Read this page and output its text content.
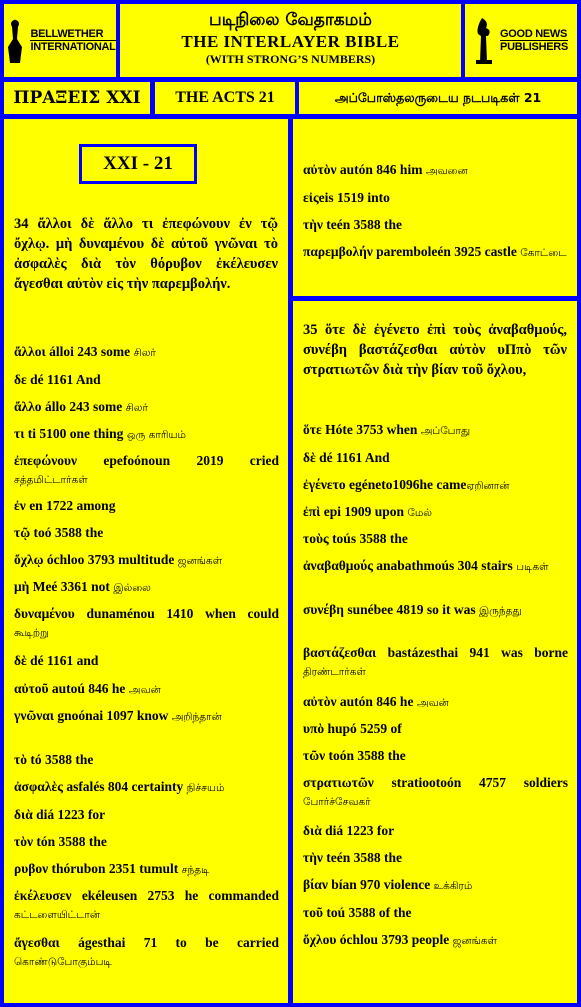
BELLWETHER
INTERNATIONAL
படிநிலை வேதாகமம்
THE INTERLAYER BIBLE
(WITH STRONG’S NUMBERS)
GOOD NEWS
PUBLISHERS
ΠΡΑΞΕΙΣ XXI THE ACTS 21	அப்போஸ்தலருடைய நடபடிகள் 21
XXI - 21
34 ἄλλοι δὲ ἄλλο τι ἐπεφώνουν ἐν τῷ ὄχλῳ. μὴ δυναμένου δὲ αὐτοῦ γνῶναι τὸ ἀσφαλὲς διὰ τὸν θόρυβον ἐκέλευσεν ἄγεσθαι αὐτὸν εἰς τὴν παρεμβολήν.
ἄλλοι álloi 243 some சிலர்
δε dé 1161 And
ἄλλο állo 243 some சிலர்
τι ti 5100 one thing ஒரு காரியம்
ἐπεφώνουν epefoónoun 2019 cried சத்தமிட்டார்கள்
ἐν en 1722 among
τῷ toó 3588 the
ὄχλῳ óchloo 3793 multitude ஜனங்கள்
μὴ Meé 3361 not இல்லை
δυναμένου dunaménou 1410 when could கூடிற்று
δὲ dé 1161 and
αὐτοῦ autoú 846 he அவன்
γνῶναι gnoónai 1097 know அறிந்தான்
τὸ tó 3588 the
ἀσφαλὲς asfalés 804 certainty நிச்சயம்
διὰ diá 1223 for
τὸν tón 3588 the
ρυβον thórubon 2351 tumult சந்தடி
ἐκέλευσεν ekéleusen 2753 he commanded கட்டளையிட்டான்
ἄγεσθαι ágesthai 71 to be carried கொண்டுபோகும்படி
αὐτὸν autón 846 him அவனை
εἰςeis 1519 into
τὴν teén 3588 the
παρεμβολήν paremboleén 3925 castle கோட்டை
35 ὅτε δὲ ἐγένετο ἐπὶ τοὺς ἀναβαθμούς, συνέβη βαστάζεσθαι αὐτὸν υΠπὸ τῶν στρατιωτῶν διὰ τὴν βίαν τοῦ ὄχλου,
ὅτε Hóte 3753 when அப்போது
δὲ dé 1161 And
ἐγένετο egéneto1096he cameஏறினான்
ἐπὶ epi 1909 upon மேல்
τοὺς toús 3588 the
ἀναβαθμούς anabathmoús 304 stairs படிகள்
συνέβη sunébee 4819 so it was இருந்தது
βαστάζεσθαι bastázesthai 941 was borne திரண்டார்கள்
αὐτὸν autón 846 he அவன்
υπὸ hupó 5259 of
τῶν toón 3588 the
στρατιωτῶν stratiootoón 4757 soldiers போர்ச்சேவகர்
διὰ diá 1223 for
τὴν teén 3588 the
βίαν bían 970 violence உக்கிரம்
τοῦ toú 3588 of the
ὄχλου óchlou 3793 people ஜனங்கள்
